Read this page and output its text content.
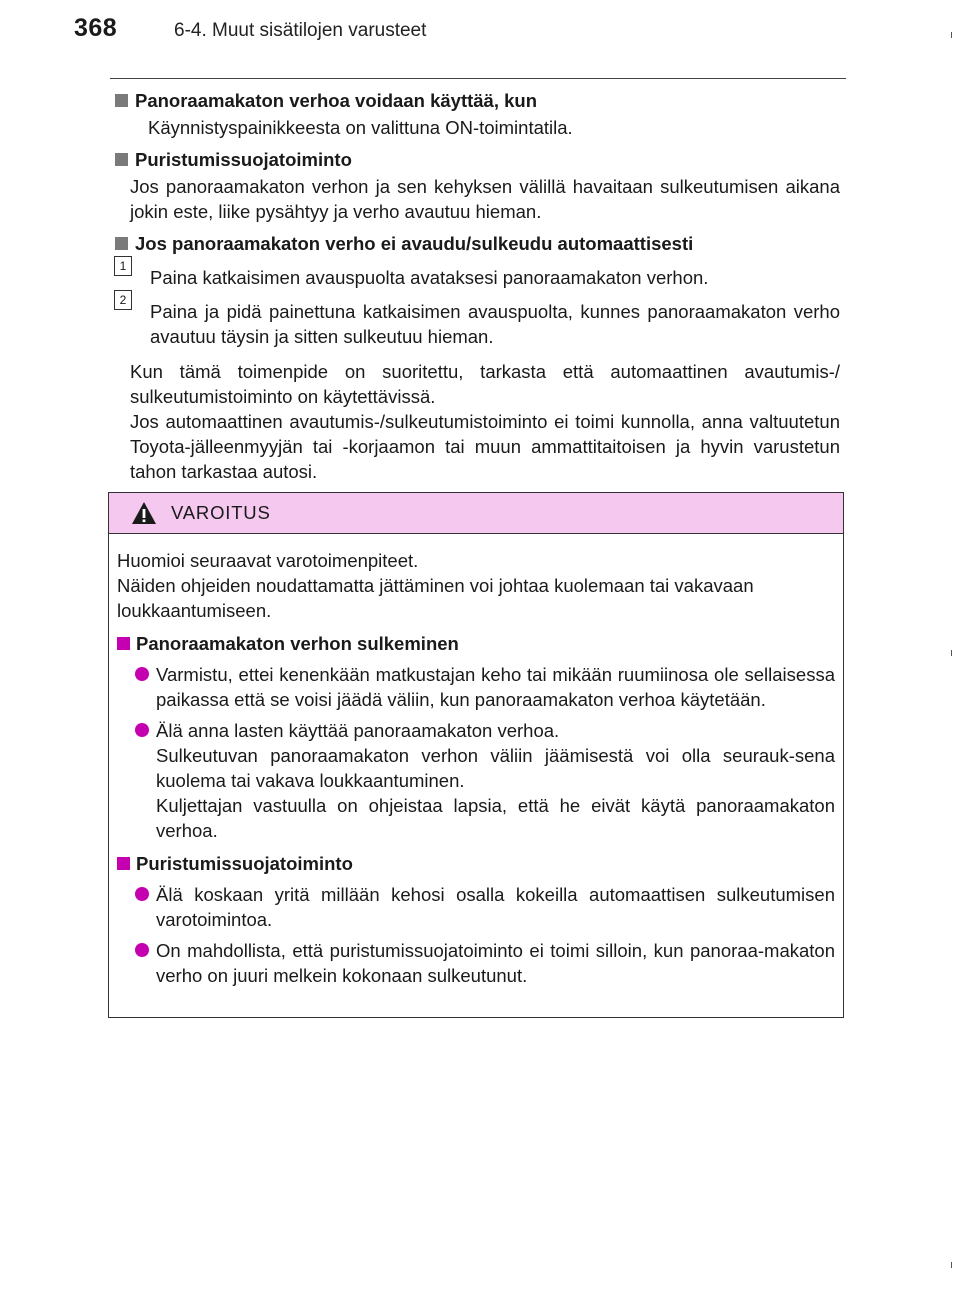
368	6-4. Muut sisätilojen varusteet
Panoraamakaton verhoa voidaan käyttää, kun
Käynnistyspainikkeesta on valittuna ON-toimintatila.
Puristumissuojatoiminto
Jos panoraamakaton verhon ja sen kehyksen välillä havaitaan sulkeutumisen aikana jokin este, liike pysähtyy ja verho avautuu hieman.
Jos panoraamakaton verho ei avaudu/sulkeudu automaattisesti
1
Paina katkaisimen avauspuolta avataksesi panoraamakaton verhon.
2
Paina ja pidä painettuna katkaisimen avauspuolta, kunnes panoraamakaton verho avautuu täysin ja sitten sulkeutuu hieman.
Kun tämä toimenpide on suoritettu, tarkasta että automaattinen avautumis-/ sulkeutumistoiminto on käytettävissä.
Jos automaattinen avautumis-/sulkeutumistoiminto ei toimi kunnolla, anna valtuutetun Toyota-jälleenmyyjän tai -korjaamon tai muun ammattitaitoisen ja hyvin varustetun tahon tarkastaa autosi.
VAROITUS
Huomioi seuraavat varotoimenpiteet.
Näiden ohjeiden noudattamatta jättäminen voi johtaa kuolemaan tai vakavaan loukkaantumiseen.
Panoraamakaton verhon sulkeminen
Varmistu, ettei kenenkään matkustajan keho tai mikään ruumiinosa ole sellaisessa paikassa että se voisi jäädä väliin, kun panoraamakaton verhoa käytetään.
Älä anna lasten käyttää panoraamakaton verhoa.
Sulkeutuvan panoraamakaton verhon väliin jäämisestä voi olla seurauk-sena kuolema tai vakava loukkaantuminen.
Kuljettajan vastuulla on ohjeistaa lapsia, että he eivät käytä panoraamakaton verhoa.
Puristumissuojatoiminto
Älä koskaan yritä millään kehosi osalla kokeilla automaattisen sulkeutumisen varotoimintoa.
On mahdollista, että puristumissuojatoiminto ei toimi silloin, kun panoraa-makaton verho on juuri melkein kokonaan sulkeutunut.
